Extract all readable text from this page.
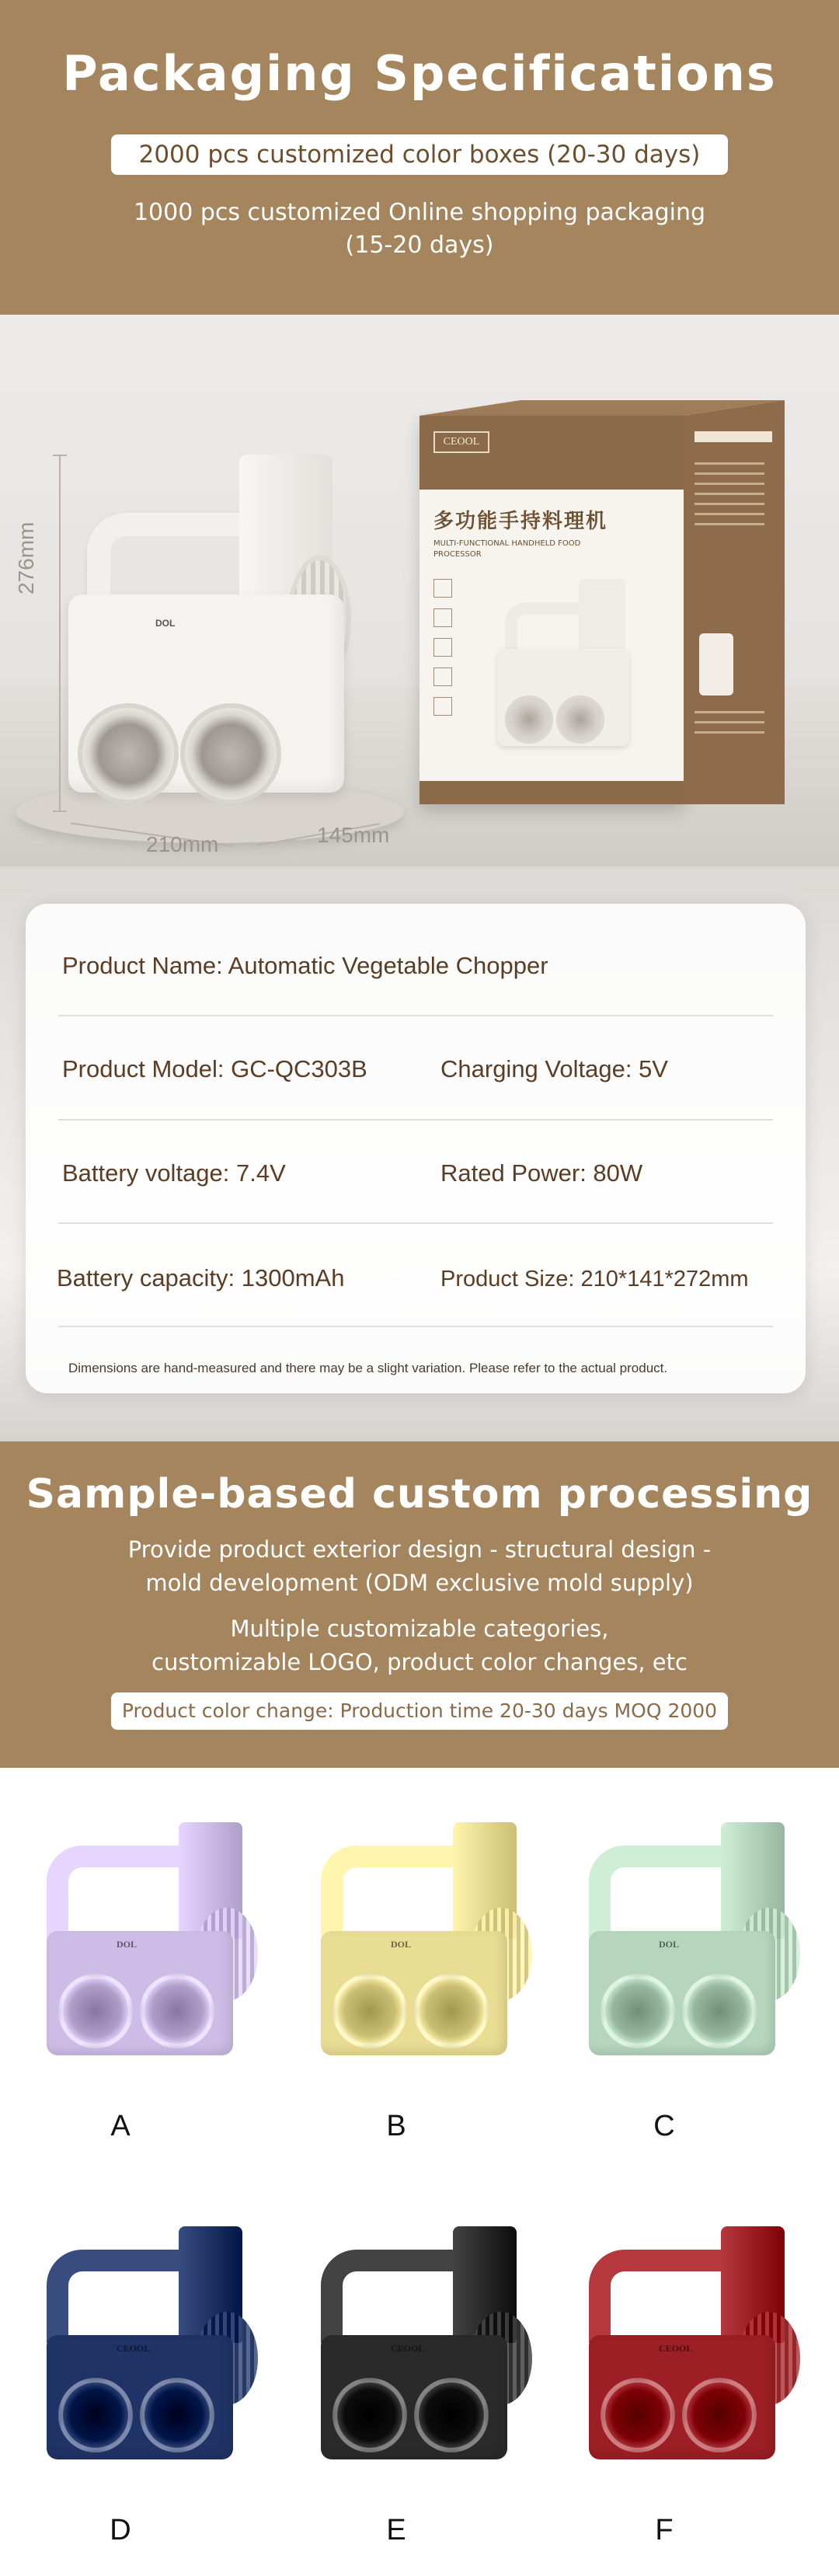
Packaging Specifications
2000 pcs customized color boxes (20-30 days)
1000 pcs customized Online shopping packaging
(15-20 days)
276mm
210mm	145mm
DOL
CEOOL
多功能手持料理机
MULTI-FUNCTIONAL HANDHELD FOOD PROCESSOR
Product Name: Automatic Vegetable Chopper
Product Model: GC-QC303B	Charging Voltage: 5V
Battery voltage: 7.4V	Rated Power: 80W
Battery capacity: 1300mAh	Product Size: 210*141*272mm
Dimensions are hand-measured and there may be a slight variation. Please refer to the actual product.
Sample-based custom processing
Provide product exterior design - structural design -
mold development (ODM exclusive mold supply)
Multiple customizable categories,
customizable LOGO, product color changes, etc
Product color change: Production time 20-30 days MOQ 2000
DOL
A
DOL
B
DOL
C
CEOOL
D
CEOOL
E
CEOOL
F
